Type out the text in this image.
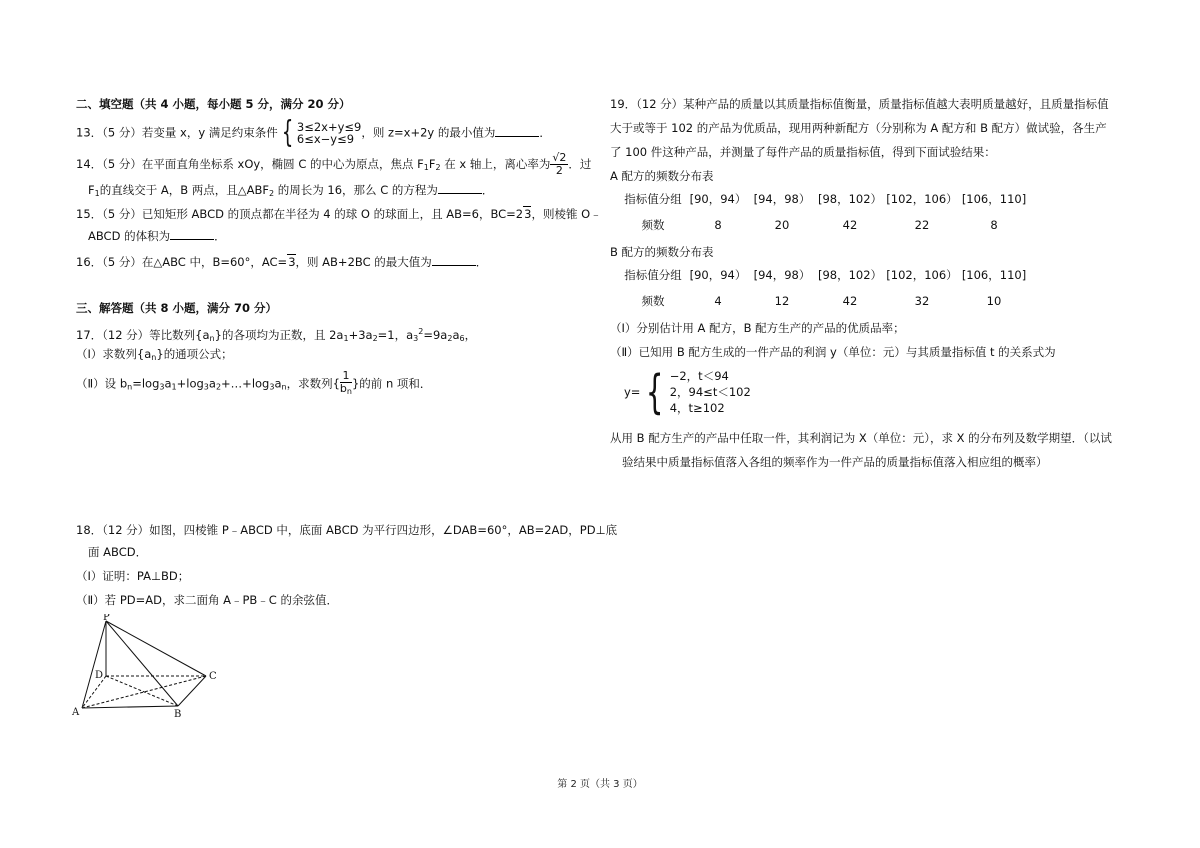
二、填空题（共 4 小题，每小题 5 分，满分 20 分）
13．（5 分）若变量 x，y 满足约束条件 { 3≤2x+y≤9
6≤x−y≤9 ，则 z=x+2y 的最小值为	．
14．（5 分）在平面直角坐标系 xOy，椭圆 C 的中心为原点，焦点 $F_1F_2$ 在 x 轴上，离心率为 $\frac{√2}{2}$ ．过
$F_1$的直线交于 A，B 两点，且$\triangle ABF_2$ 的周长为 16，那么 C 的方程为	．
15．（5 分）已知矩形 ABCD 的顶点都在半径为 4 的球 O 的球面上，且 AB=6，BC=23，则棱锥 O﹣
ABCD 的体积为	．
16．（5 分）在△ABC 中，B=60°，AC=3，则 AB+2BC 的最大值为	．
三、解答题（共 8 小题，满分 70 分）
17．（12 分）等比数列$\{a_n\}$的各项均为正数，且 $2a_1+3a_2=1$，$a_3^2=9a_2a_6$，
（Ⅰ）求数列$\{a_n\}$的通项公式；
（Ⅱ）设 $b_n=\log_3a_1+\log_3a_2+\dots+\log_3a_n$，求数列{ $\frac{1}{b_n}$ }的前 n 项和．
18．（12 分）如图，四棱锥 P﹣ABCD 中，底面 ABCD 为平行四边形，∠DAB=60°，AB=2AD，PD⊥底
面 ABCD．
（Ⅰ）证明：PA⊥BD；
（Ⅱ）若 PD=AD，求二面角 A﹣PB﹣C 的余弦值．
P
D	C
A	B
19．（12 分）某种产品的质量以其质量指标值衡量，质量指标值越大表明质量越好，且质量指标值
大于或等于 102 的产品为优质品，现用两种新配方（分别称为 A 配方和 B 配方）做试验，各生产
了 100 件这种产品，并测量了每件产品的质量指标值，得到下面试验结果：
A 配方的频数分布表
指标值分组	[90，94）	[94，98）	[98，102）	[102，106）	[106，110]
频数	8	20	42	22	8
B 配方的频数分布表
指标值分组	[90，94）	[94，98）	[98，102）	[102，106）	[106，110]
频数	4	12	42	32	10
（Ⅰ）分别估计用 A 配方，B 配方生产的产品的优质品率；
（Ⅱ）已知用 B 配方生成的一件产品的利润 y（单位：元）与其质量指标值 t 的关系式为
y= { −2，t＜94
2，94≤t＜102
4，t≥102
从用 B 配方生产的产品中任取一件，其利润记为 X（单位：元），求 X 的分布列及数学期望．（以试
验结果中质量指标值落入各组的频率作为一件产品的质量指标值落入相应组的概率）
第 2 页（共 3 页）
